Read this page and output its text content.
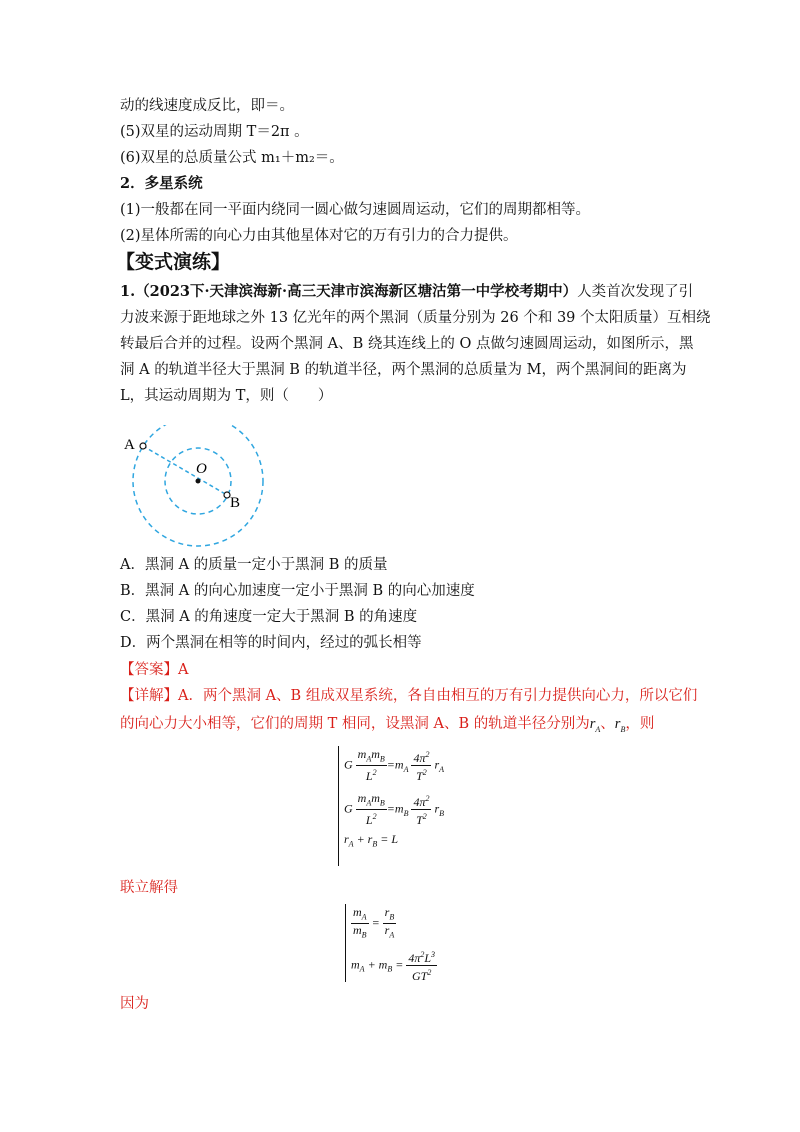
动的线速度成反比，即＝。
(5)双星的运动周期 T＝2π 。
(6)双星的总质量公式 m₁＋m₂＝。
2．多星系统
(1)一般都在同一平面内绕同一圆心做匀速圆周运动，它们的周期都相等。
(2)星体所需的向心力由其他星体对它的万有引力的合力提供。
【变式演练】
1.（2023下·天津滨海新·高三天津市滨海新区塘沽第一中学校考期中）人类首次发现了引
力波来源于距地球之外 13 亿光年的两个黑洞（质量分别为 26 个和 39 个太阳质量）互相绕
转最后合并的过程。设两个黑洞 A、B 绕其连线上的 O 点做匀速圆周运动，如图所示，黑
洞 A 的轨道半径大于黑洞 B 的轨道半径，两个黑洞的总质量为 M，两个黑洞间的距离为
L，其运动周期为 T，则（　　）
A
O
B
A．黑洞 A 的质量一定小于黑洞 B 的质量
B．黑洞 A 的向心加速度一定小于黑洞 B 的向心加速度
C．黑洞 A 的角速度一定大于黑洞 B 的角速度
D．两个黑洞在相等的时间内，经过的弧长相等
【答案】A
【详解】A．两个黑洞 A、B 组成双星系统，各自由相互的万有引力提供向心力，所以它们
的向心力大小相等，它们的周期 T 相同，设黑洞 A、B 的轨道半径分别为$r_A$、$r_B$，则
G $\frac{m_Am_B}{L^2} =m_A \frac{4\pi^2}{T^2} r_A$
G $\frac{m_Am_B}{L^2} =m_B \frac{4\pi^2}{T^2} r_B$
$r_A + r_B = L$
联立解得
$\frac{m_A}{m_B} = \frac{r_B}{r_A}$
$m_A + m_B = \frac{4\pi^2L^3}{GT^2}$
因为
